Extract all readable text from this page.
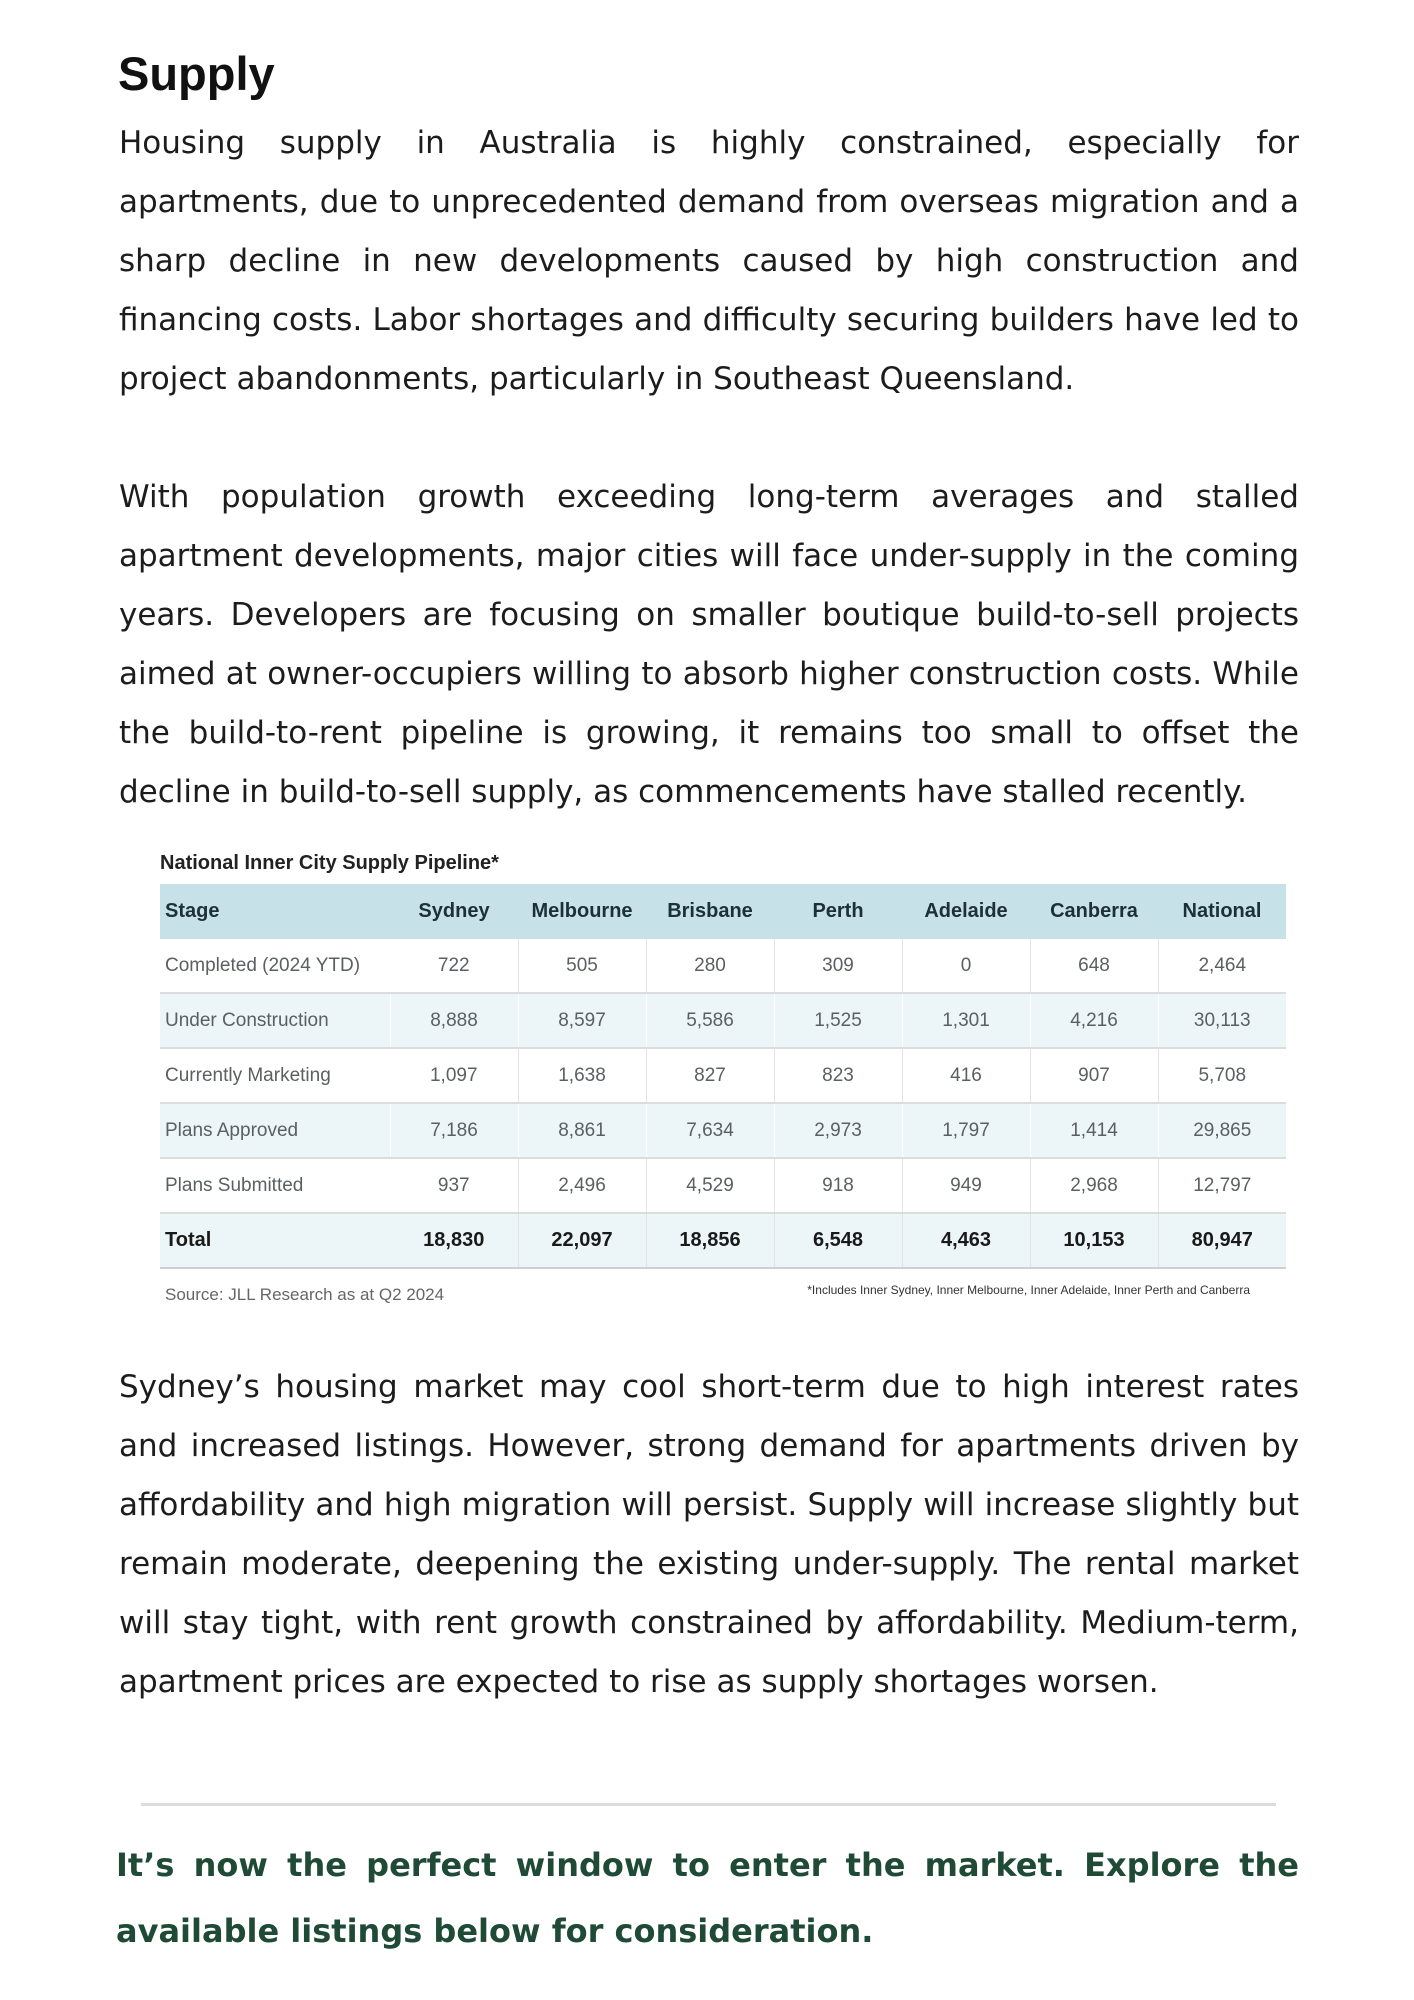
Supply

Housing supply in Australia is highly constrained, especially for apartments, due to unprecedented demand from overseas migration and a sharp decline in new developments caused by high construction and financing costs. Labor shortages and difficulty securing builders have led to project abandonments, particularly in Southeast Queensland.

With population growth exceeding long-term averages and stalled apartment developments, major cities will face under-supply in the coming years. Developers are focusing on smaller boutique build-to-sell projects aimed at owner-occupiers willing to absorb higher construction costs. While the build-to-rent pipeline is growing, it remains too small to offset the decline in build-to-sell supply, as commencements have stalled recently.

National Inner City Supply Pipeline*
Stage	Sydney	Melbourne	Brisbane	Perth	Adelaide	Canberra	National
Completed (2024 YTD)	722	505	280	309	0	648	2,464
Under Construction	8,888	8,597	5,586	1,525	1,301	4,216	30,113
Currently Marketing	1,097	1,638	827	823	416	907	5,708
Plans Approved	7,186	8,861	7,634	2,973	1,797	1,414	29,865
Plans Submitted	937	2,496	4,529	918	949	2,968	12,797
Total	18,830	22,097	18,856	6,548	4,463	10,153	80,947
Source: JLL Research as at Q2 2024	*Includes Inner Sydney, Inner Melbourne, Inner Adelaide, Inner Perth and Canberra

Sydney’s housing market may cool short-term due to high interest rates and increased listings. However, strong demand for apartments driven by affordability and high migration will persist. Supply will increase slightly but remain moderate, deepening the existing under-supply. The rental market will stay tight, with rent growth constrained by affordability. Medium-term, apartment prices are expected to rise as supply shortages worsen.

It’s now the perfect window to enter the market. Explore the available listings below for consideration.
